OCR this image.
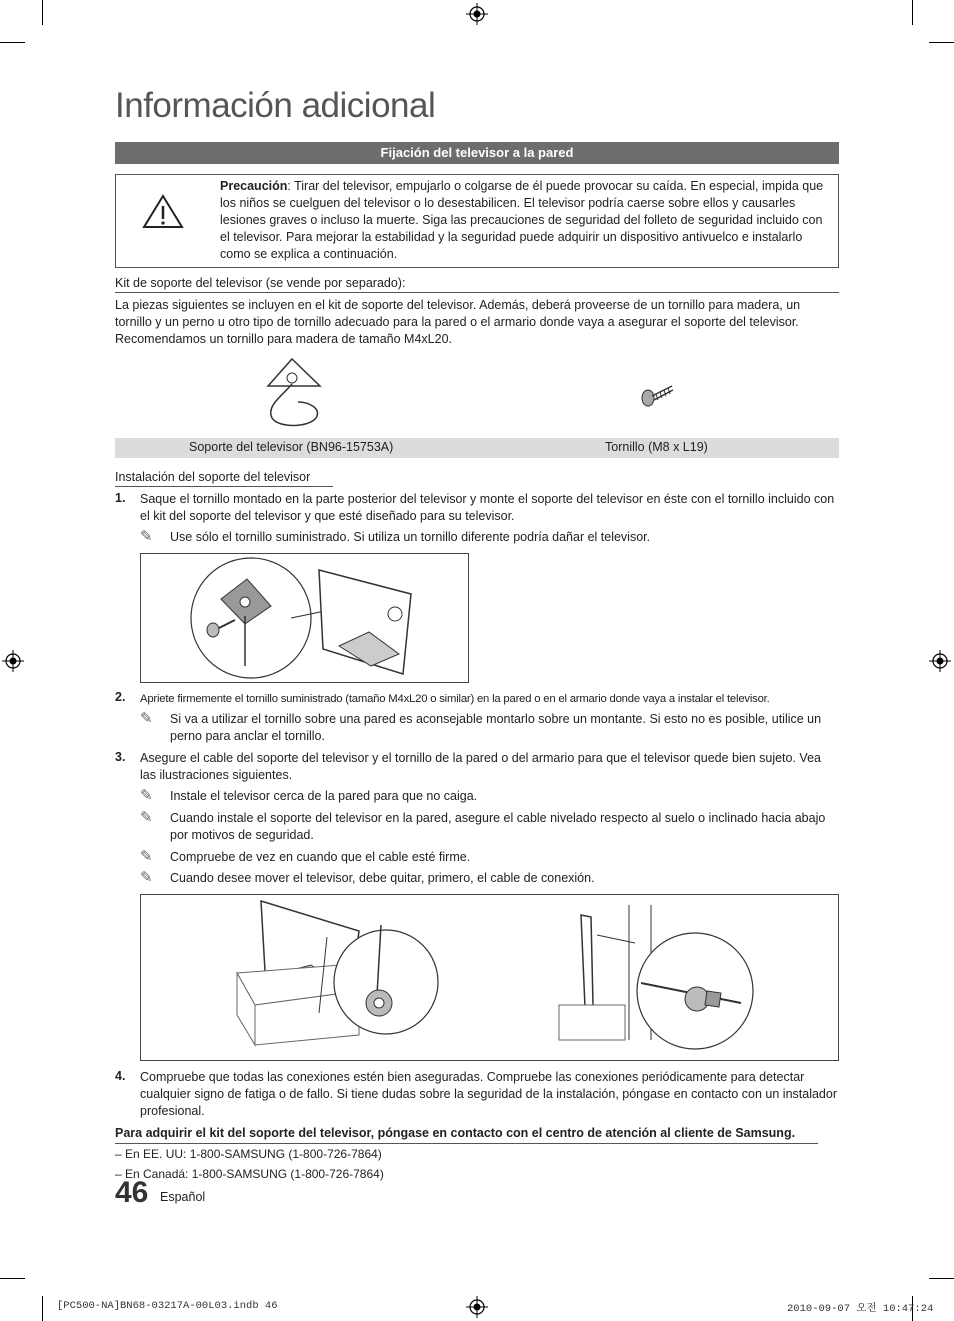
Información adicional
Fijación del televisor a la pared
Precaución: Tirar del televisor, empujarlo o colgarse de él puede provocar su caída. En especial, impida que los niños se cuelguen del televisor o lo desestabilicen. El televisor podría caerse sobre ellos y causarles lesiones graves o incluso la muerte. Siga las precauciones de seguridad del folleto de seguridad incluido con el televisor. Para mejorar la estabilidad y la seguridad puede adquirir un dispositivo antivuelco e instalarlo como se explica a continuación.
Kit de soporte del televisor (se vende por separado):
La piezas siguientes se incluyen en el kit de soporte del televisor. Además, deberá proveerse de un tornillo para madera, un tornillo y un perno u otro tipo de tornillo adecuado para la pared o el armario donde vaya a asegurar el soporte del televisor. Recomendamos un tornillo para madera de tamaño M4xL20.
Soporte del televisor (BN96-15753A)	Tornillo (M8 x L19)
Instalación del soporte del televisor
1. Saque el tornillo montado en la parte posterior del televisor y monte el soporte del televisor en éste con el tornillo incluido con el kit del soporte del televisor y que esté diseñado para su televisor.
✎ Use sólo el tornillo suministrado. Si utiliza un tornillo diferente podría dañar el televisor.
2. Apriete firmemente el tornillo suministrado (tamaño M4xL20 o similar) en la pared o en el armario donde vaya a instalar el televisor.
✎ Si va a utilizar el tornillo sobre una pared es aconsejable montarlo sobre un montante. Si esto no es posible, utilice un perno para anclar el tornillo.
3. Asegure el cable del soporte del televisor y el tornillo de la pared o del armario para que el televisor quede bien sujeto. Vea las ilustraciones siguientes.
✎ Instale el televisor cerca de la pared para que no caiga.
✎ Cuando instale el soporte del televisor en la pared, asegure el cable nivelado respecto al suelo o inclinado hacia abajo por motivos de seguridad.
✎ Compruebe de vez en cuando que el cable esté firme.
✎ Cuando desee mover el televisor, debe quitar, primero, el cable de conexión.
4. Compruebe que todas las conexiones estén bien aseguradas. Compruebe las conexiones periódicamente para detectar cualquier signo de fatiga o de fallo. Si tiene dudas sobre la seguridad de la instalación, póngase en contacto con un instalador profesional.
Para adquirir el kit del soporte del televisor, póngase en contacto con el centro de atención al cliente de Samsung.
– En EE. UU: 1-800-SAMSUNG (1-800-726-7864)
– En Canadá: 1-800-SAMSUNG (1-800-726-7864)
46 Español
[PC500-NA]BN68-03217A-00L03.indb 46	2010-09-07 오전 10:47:24
